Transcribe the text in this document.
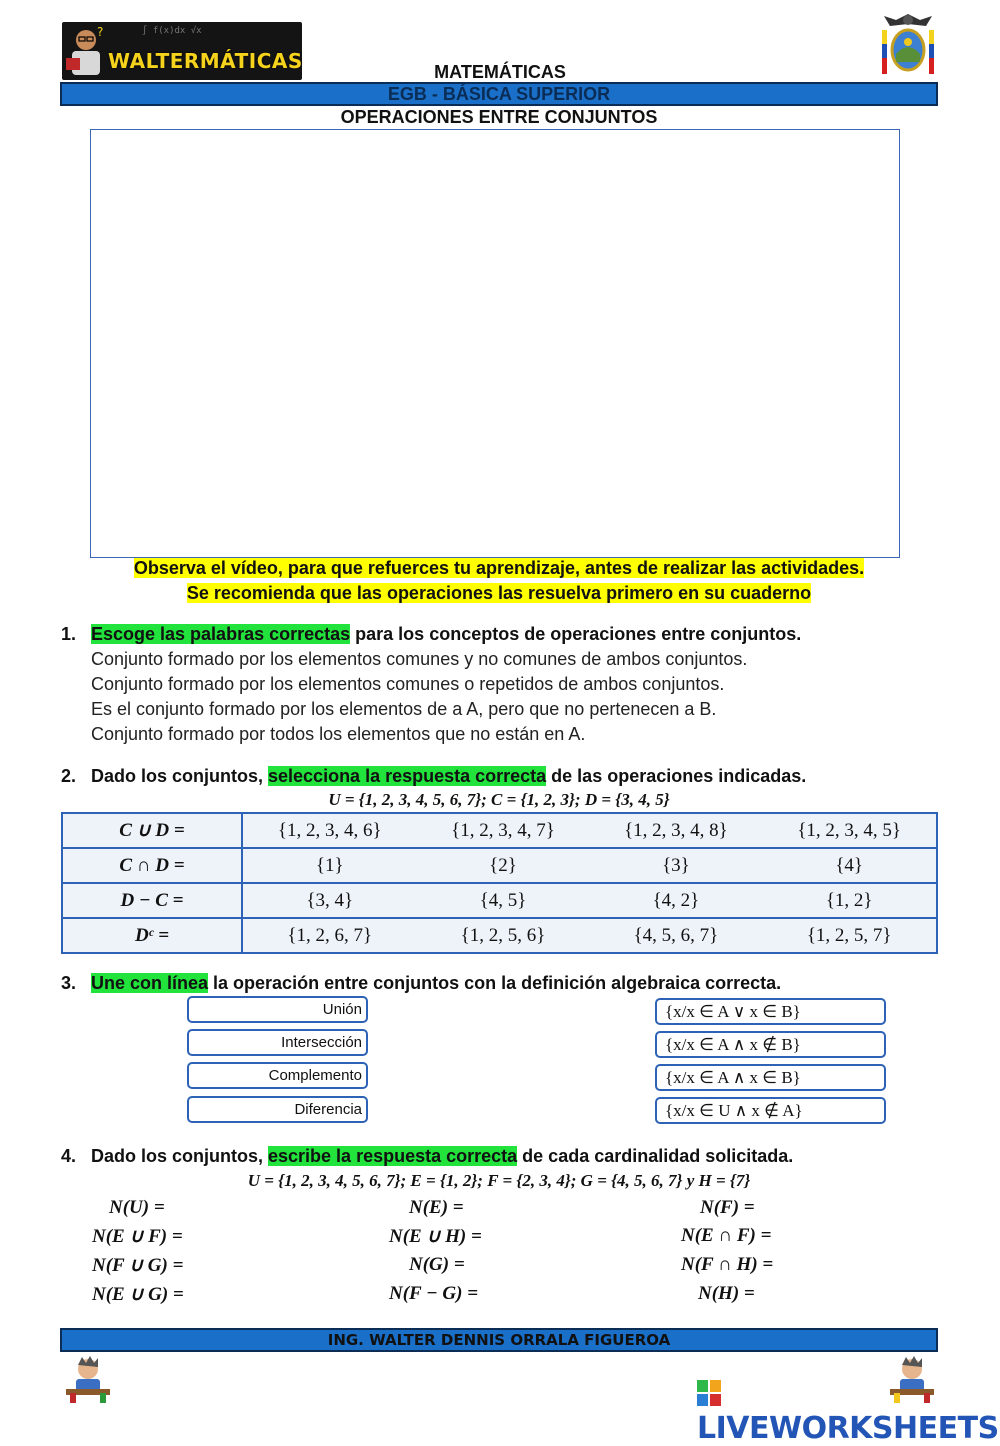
?	∫ f(x)dx √x
WALTERMÁTICAS	MATEMÁTICAS
EGB - BÁSICA SUPERIOR
OPERACIONES ENTRE CONJUNTOS
Observa el vídeo, para que refuerces tu aprendizaje, antes de realizar las actividades.
Se recomienda que las operaciones las resuelva primero en su cuaderno
1. Escoge las palabras correctas para los conceptos de operaciones entre conjuntos.
Conjunto formado por los elementos comunes y no comunes de ambos conjuntos.
Conjunto formado por los elementos comunes o repetidos de ambos conjuntos.
Es el conjunto formado por los elementos de a A, pero que no pertenecen a B.
Conjunto formado por todos los elementos que no están en A.
2. Dado los conjuntos, selecciona la respuesta correcta de las operaciones indicadas.
U = {1, 2, 3, 4, 5, 6, 7}; C = {1, 2, 3}; D = {3, 4, 5}
C ∪ D =	{1, 2, 3, 4, 6}	{1, 2, 3, 4, 7}	{1, 2, 3, 4, 8}	{1, 2, 3, 4, 5}
C ∩ D =	{1}	{2}	{3}	{4}
D − C =	{3, 4}	{4, 5}	{4, 2}	{1, 2}
Dᶜ =	{1, 2, 6, 7}	{1, 2, 5, 6}	{4, 5, 6, 7}	{1, 2, 5, 7}
3. Une con línea la operación entre conjuntos con la definición algebraica correcta.
Unión
Intersección
Complemento
Diferencia
{x/x ∈ A ∨ x ∈ B}
{x/x ∈ A ∧ x ∉ B}
{x/x ∈ A ∧ x ∈ B}
{x/x ∈ U ∧ x ∉ A}
4. Dado los conjuntos, escribe la respuesta correcta de cada cardinalidad solicitada.
U = {1, 2, 3, 4, 5, 6, 7}; E = {1, 2}; F = {2, 3, 4}; G = {4, 5, 6, 7} y H = {7}
N(U) =	N(E) =	N(F) =
N(E ∪ F) =	N(E ∪ H) =	N(E ∩ F) =
N(F ∪ G) =	N(G) =	N(F ∩ H) =
N(E ∪ G) =	N(F − G) =	N(H) =
ING. WALTER DENNIS ORRALA FIGUEROA
LIVEWORKSHEETS
